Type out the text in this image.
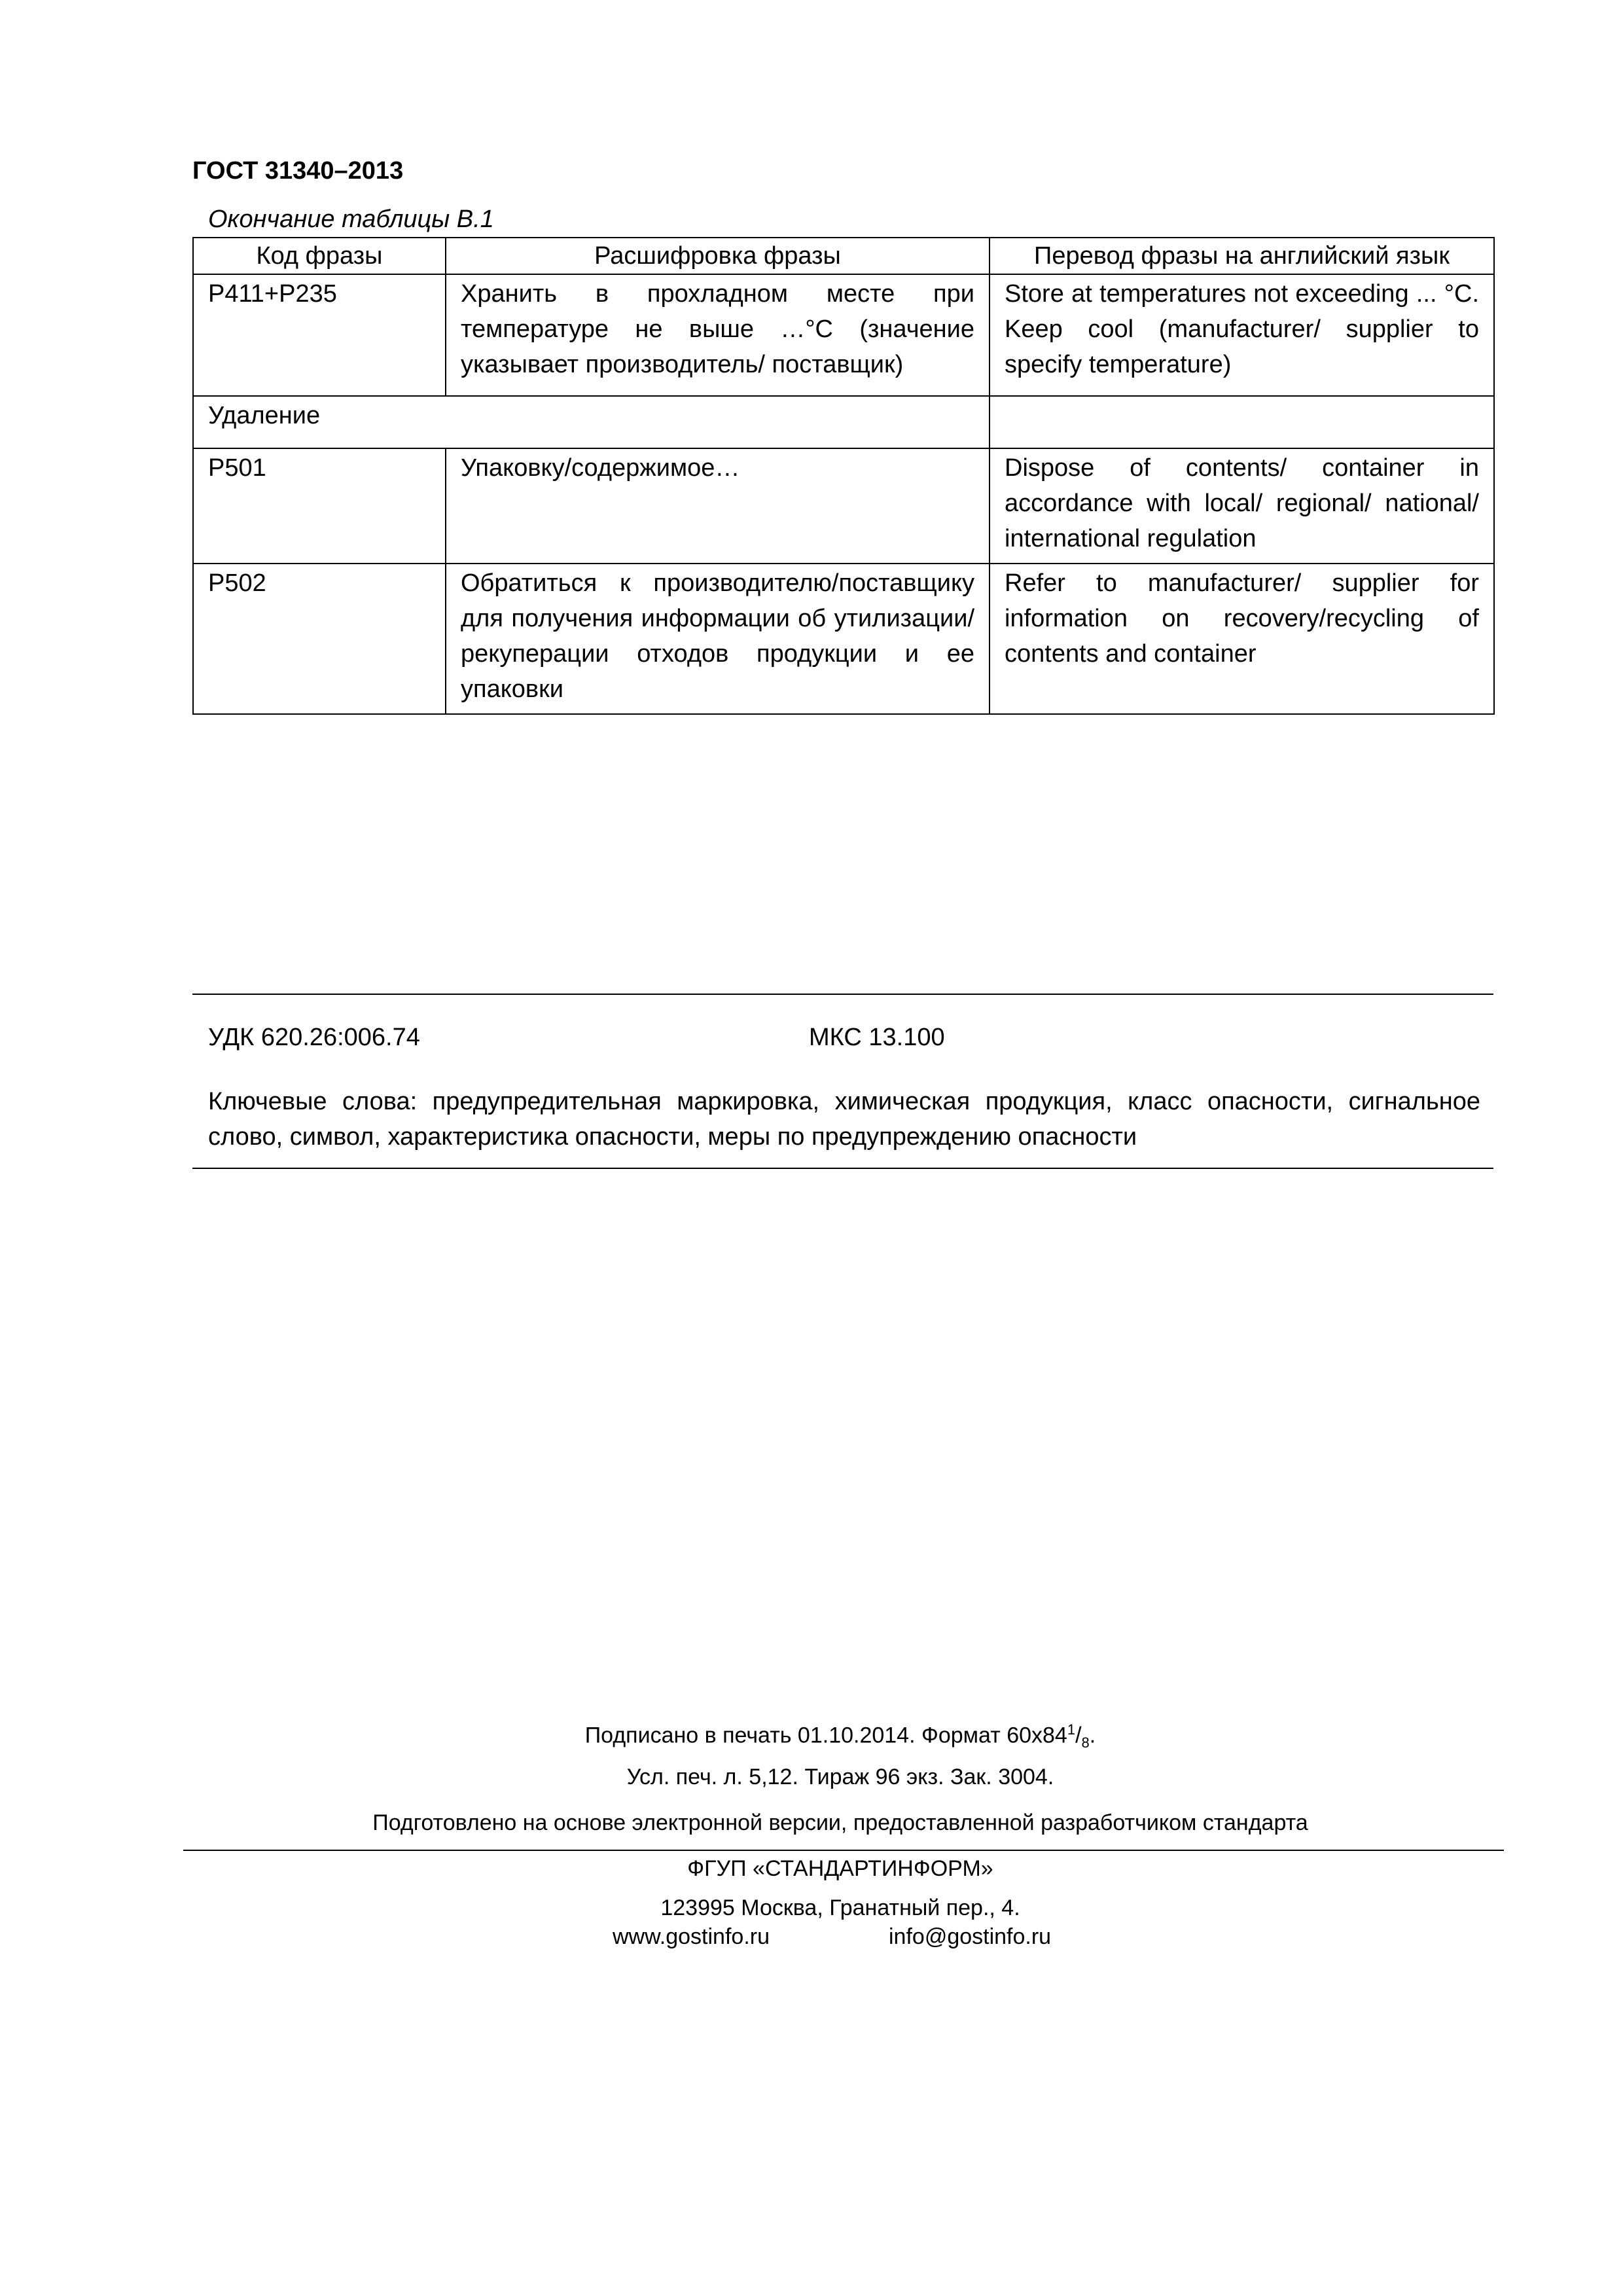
ГОСТ 31340–2013
Окончание таблицы В.1
Код фразы	Расшифровка фразы	Перевод фразы на английский язык
P411+P235	Хранить в прохладном месте при температуре не выше …°С (значение указывает производитель/ поставщик)	Store at temperatures not exceeding ... °C. Keep cool (manufacturer/ supplier to specify temperature)
Удаление		
P501	Упаковку/содержимое…	Dispose of contents/ container in accordance with local/ regional/ national/ international regulation
P502	Обратиться к производителю/поставщику для получения информации об утилизации/ рекуперации отходов продукции и ее упаковки	Refer to manufacturer/ supplier for information on recovery/recycling of contents and container
УДК 620.26:006.74	МКС 13.100
Ключевые слова: предупредительная маркировка, химическая продукция, класс опасности, сигнальное слово, символ, характеристика опасности, меры по предупреждению опасности
Подписано в печать 01.10.2014. Формат $60х84^1/_8$.
Усл. печ. л. 5,12. Тираж 96 экз. Зак. 3004.
Подготовлено на основе электронной версии, предоставленной разработчиком стандарта
ФГУП «СТАНДАРТИНФОРМ»
123995 Москва, Гранатный пер., 4.
www.gostinfo.ru	info@gostinfo.ru
